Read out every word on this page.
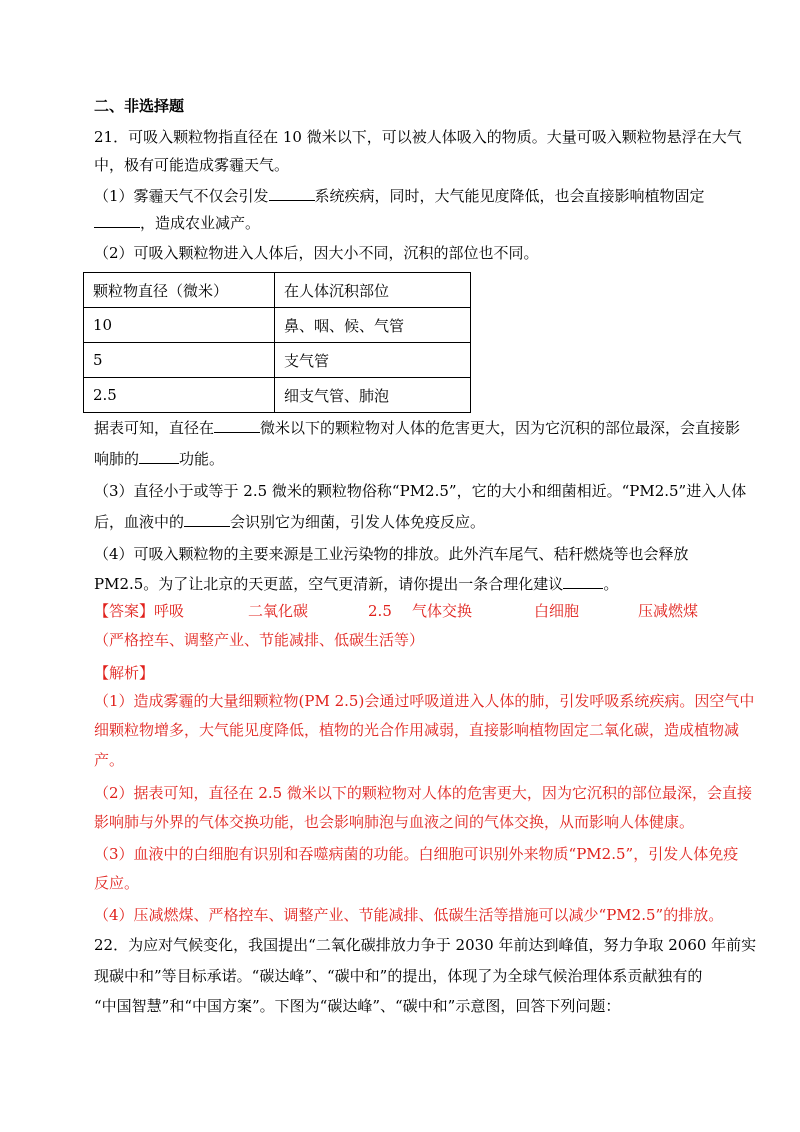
二、非选择题
21．可吸入颗粒物指直径在 10 微米以下，可以被人体吸入的物质。大量可吸入颗粒物悬浮在大气
中，极有可能造成雾霾天气。
（1）雾霾天气不仅会引发	系统疾病，同时，大气能见度降低，也会直接影响植物固定
，造成农业减产。
（2）可吸入颗粒物进入人体后，因大小不同，沉积的部位也不同。
颗粒物直径（微米）	在人体沉积部位
10	鼻、咽、候、气管
5	支气管
2.5	细支气管、肺泡
据表可知，直径在	微米以下的颗粒物对人体的危害更大，因为它沉积的部位最深，会直接影
响肺的	功能。
（3）直径小于或等于 2.5 微米的颗粒物俗称“PM2.5”，它的大小和细菌相近。“PM2.5”进入人体
后，血液中的	会识别它为细菌，引发人体免疫反应。
（4）可吸入颗粒物的主要来源是工业污染物的排放。此外汽车尾气、秸秆燃烧等也会释放
PM2.5。为了让北京的天更蓝，空气更清新，请你提出一条合理化建议	。
【答案】呼吸	二氧化碳	2.5 气体交换	白细胞	压减燃煤
（严格控车、调整产业、节能减排、低碳生活等）
【解析】
（1）造成雾霾的大量细颗粒物(PM 2.5)会通过呼吸道进入人体的肺，引发呼吸系统疾病。因空气中
细颗粒物增多，大气能见度降低，植物的光合作用减弱，直接影响植物固定二氧化碳，造成植物减
产。
（2）据表可知，直径在 2.5 微米以下的颗粒物对人体的危害更大，因为它沉积的部位最深，会直接
影响肺与外界的气体交换功能，也会影响肺泡与血液之间的气体交换，从而影响人体健康。
（3）血液中的白细胞有识别和吞噬病菌的功能。白细胞可识别外来物质“PM2.5”，引发人体免疫
反应。
（4）压减燃煤、严格控车、调整产业、节能减排、低碳生活等措施可以减少“PM2.5”的排放。
22．为应对气候变化，我国提出“二氧化碳排放力争于 2030 年前达到峰值，努力争取 2060 年前实
现碳中和”等目标承诺。“碳达峰”、“碳中和”的提出，体现了为全球气候治理体系贡献独有的
“中国智慧”和“中国方案”。下图为“碳达峰”、“碳中和”示意图，回答下列问题：
